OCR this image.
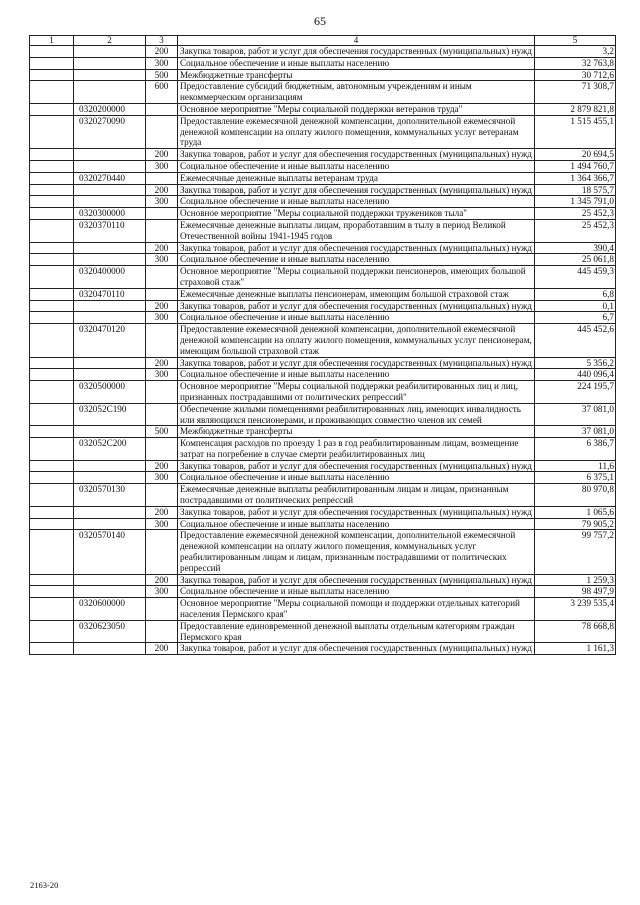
65
1	2	3	4	5
		200	Закупка товаров, работ и услуг для обеспечения государственных (муниципальных) нужд	3,2
		300	Социальное обеспечение и иные выплаты населению	32 763,8
		500	Межбюджетные трансферты	30 712,6
		600	Предоставление субсидий бюджетным, автономным учреждениям и иным некоммерческим организациям	71 308,7
	0320200000		Основное мероприятие "Меры социальной поддержки ветеранов труда"	2 879 821,8
	0320270090		Предоставление ежемесячной денежной компенсации, дополнительной ежемесячной денежной компенсации на оплату жилого помещения, коммунальных услуг ветеранам труда	1 515 455,1
		200	Закупка товаров, работ и услуг для обеспечения государственных (муниципальных) нужд	20 694,5
		300	Социальное обеспечение и иные выплаты населению	1 494 760,7
	0320270440		Ежемесячные денежные выплаты ветеранам труда	1 364 366,7
		200	Закупка товаров, работ и услуг для обеспечения государственных (муниципальных) нужд	18 575,7
		300	Социальное обеспечение и иные выплаты населению	1 345 791,0
	0320300000		Основное мероприятие "Меры социальной поддержки тружеников тыла"	25 452,3
	0320370110		Ежемесячные денежные выплаты лицам, проработавшим в тылу в период Великой Отечественной войны 1941-1945 годов	25 452,3
		200	Закупка товаров, работ и услуг для обеспечения государственных (муниципальных) нужд	390,4
		300	Социальное обеспечение и иные выплаты населению	25 061,8
	0320400000		Основное мероприятие "Меры социальной поддержки пенсионеров, имеющих большой страховой стаж"	445 459,3
	0320470110		Ежемесячные денежные выплаты пенсионерам, имеющим большой страховой стаж	6,8
		200	Закупка товаров, работ и услуг для обеспечения государственных (муниципальных) нужд	0,1
		300	Социальное обеспечение и иные выплаты населению	6,7
	0320470120		Предоставление ежемесячной денежной компенсации, дополнительной ежемесячной денежной компенсации на оплату жилого помещения, коммунальных услуг пенсионерам, имеющим большой страховой стаж	445 452,6
		200	Закупка товаров, работ и услуг для обеспечения государственных (муниципальных) нужд	5 356,2
		300	Социальное обеспечение и иные выплаты населению	440 096,4
	0320500000		Основное мероприятие "Меры социальной поддержки реабилитированных лиц и лиц, признанных пострадавшими от политических репрессий"	224 195,7
	032052С190		Обеспечение жилыми помещениями реабилитированных лиц, имеющих инвалидность или являющихся пенсионерами, и проживающих совместно членов их семей	37 081,0
		500	Межбюджетные трансферты	37 081,0
	032052С200		Компенсация расходов по проезду 1 раз в год реабилитированным лицам, возмещение затрат на погребение в случае смерти реабилитированных лиц	6 386,7
		200	Закупка товаров, работ и услуг для обеспечения государственных (муниципальных) нужд	11,6
		300	Социальное обеспечение и иные выплаты населению	6 375,1
	0320570130		Ежемесячные денежные выплаты реабилитированным лицам и лицам, признанным пострадавшими от политических репрессий	80 970,8
		200	Закупка товаров, работ и услуг для обеспечения государственных (муниципальных) нужд	1 065,6
		300	Социальное обеспечение и иные выплаты населению	79 905,2
	0320570140		Предоставление ежемесячной денежной компенсации, дополнительной ежемесячной денежной компенсации на оплату жилого помещения, коммунальных услуг реабилитированным лицам и лицам, признанным пострадавшими от политических репрессий	99 757,2
		200	Закупка товаров, работ и услуг для обеспечения государственных (муниципальных) нужд	1 259,3
		300	Социальное обеспечение и иные выплаты населению	98 497,9
	0320600000		Основное мероприятие "Меры социальной помощи и поддержки отдельных категорий населения Пермского края"	3 239 535,4
	0320623050		Предоставление единовременной денежной выплаты отдельным категориям граждан Пермского края	78 668,8
		200	Закупка товаров, работ и услуг для обеспечения государственных (муниципальных) нужд	1 161,3
2163-20
